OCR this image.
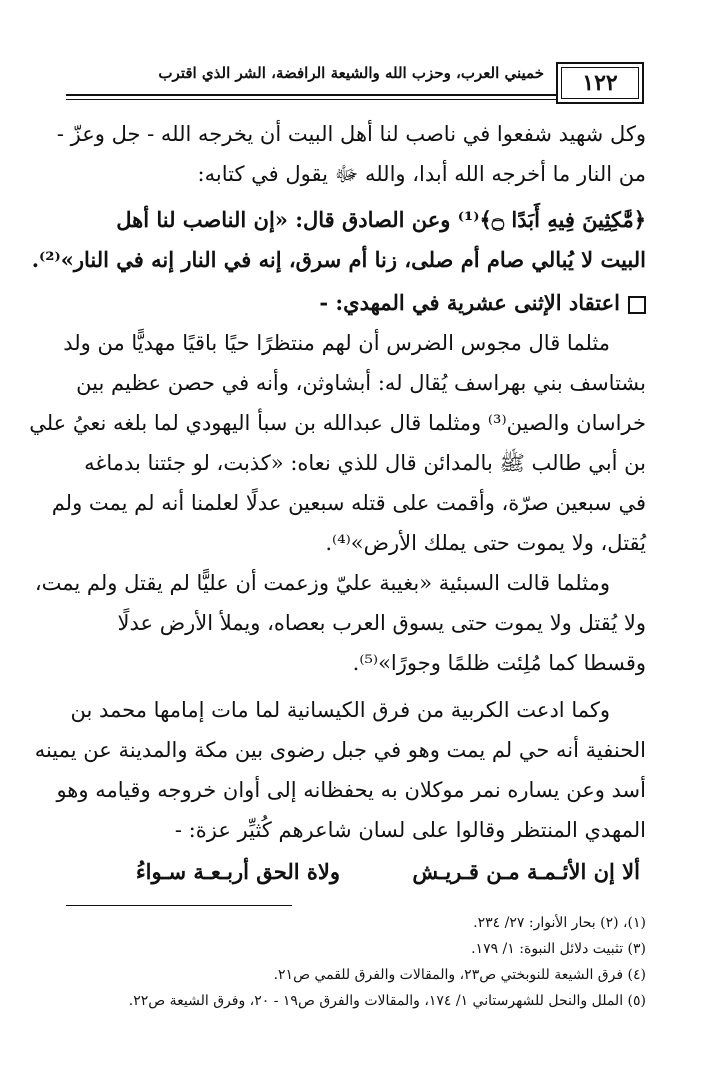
١٢٢
خميني العرب، وحزب الله والشيعة الرافضة، الشر الذي اقترب
وكل شهيد شفعوا في ناصب لنا أهل البيت أن يخرجه الله - جل وعزّ -
من النار ما أخرجه الله أبدا، والله ﷻ يقول في كتابه:
﴿مَّٰكِثِينَ فِيهِ أَبَدًا ۝﴾⁽¹⁾ وعن الصادق قال: «إن الناصب لنا أهل
البيت لا يُبالي صام أم صلى، زنا أم سرق، إنه في النار إنه في النار»⁽²⁾.
اعتقاد الإثنى عشرية في المهدي: -
مثلما قال مجوس الضرس أن لهم منتظرًا حيًا باقيًا مهديًّا من ولد
بشتاسف بني بهراسف يُقال له: أبشاوثن، وأنه في حصن عظيم بين
خراسان والصين⁽³⁾ ومثلما قال عبدالله بن سبأ اليهودي لما بلغه نعيُ علي
بن أبي طالب ﷺ بالمدائن قال للذي نعاه: «كذبت، لو جئتنا بدماغه
في سبعين صرّة، وأقمت على قتله سبعين عدلًا لعلمنا أنه لم يمت ولم
يُقتل، ولا يموت حتى يملك الأرض»⁽⁴⁾.
ومثلما قالت السبئية «بغيبة عليّ وزعمت أن عليًّا لم يقتل ولم يمت،
ولا يُقتل ولا يموت حتى يسوق العرب بعصاه، ويملأ الأرض عدلًا
وقسطا كما مُلِئت ظلمًا وجورًا»⁽⁵⁾.
وكما ادعت الكربية من فرق الكيسانية لما مات إمامها محمد بن
الحنفية أنه حي لم يمت وهو في جبل رضوى بين مكة والمدينة عن يمينه
أسد وعن يساره نمر موكلان به يحفظانه إلى أوان خروجه وقيامه وهو
المهدي المنتظر وقالوا على لسان شاعرهم كُثيِّر عزة: -
ألا إن الأئـمـة مـن قـريـش
ولاة الحق أربـعـة سـواءُ
(١)، (٢) بحار الأنوار: ٢٧/ ٢٣٤.
(٣) تثبيت دلائل النبوة: ١/ ١٧٩.
(٤) فرق الشيعة للنوبختي ص٢٣، والمقالات والفرق للقمي ص٢١.
(٥) الملل والنحل للشهرستاني ١/ ١٧٤، والمقالات والفرق ص١٩ - ٢٠، وفرق الشيعة ص٢٢.
